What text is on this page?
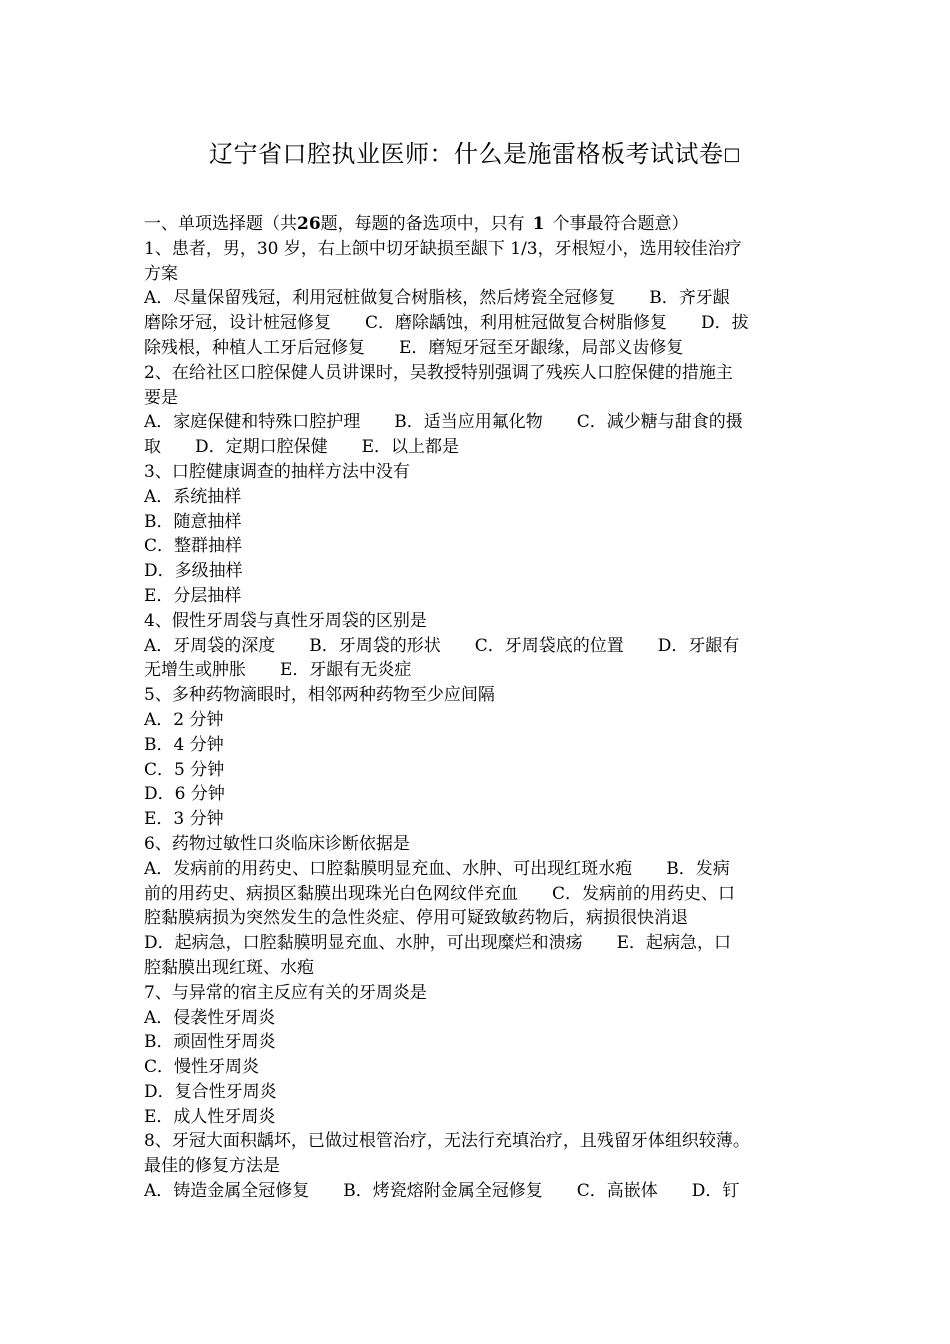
辽宁省口腔执业医师：什么是施雷格板考试试卷□
一、单项选择题（共26题，每题的备选项中，只有 1 个事最符合题意）
1、患者，男，30 岁，右上颌中切牙缺损至龈下 1/3，牙根短小，选用较佳治疗
方案
A．尽量保留残冠，利用冠桩做复合树脂核，然后烤瓷全冠修复　　B．齐牙龈
磨除牙冠，设计桩冠修复　　C．磨除龋蚀，利用桩冠做复合树脂修复　　D．拔
除残根，种植人工牙后冠修复　　E．磨短牙冠至牙龈缘，局部义齿修复
2、在给社区口腔保健人员讲课时，吴教授特别强调了残疾人口腔保健的措施主
要是
A．家庭保健和特殊口腔护理　　B．适当应用氟化物　　C．减少糖与甜食的摄
取　　D．定期口腔保健　　E．以上都是
3、口腔健康调查的抽样方法中没有
A．系统抽样
B．随意抽样
C．整群抽样
D．多级抽样
E．分层抽样
4、假性牙周袋与真性牙周袋的区别是
A．牙周袋的深度　　B．牙周袋的形状　　C．牙周袋底的位置　　D．牙龈有
无增生或肿胀　　E．牙龈有无炎症
5、多种药物滴眼时，相邻两种药物至少应间隔
A．2 分钟
B．4 分钟
C．5 分钟
D．6 分钟
E．3 分钟
6、药物过敏性口炎临床诊断依据是
A．发病前的用药史、口腔黏膜明显充血、水肿、可出现红斑水疱　　B．发病
前的用药史、病损区黏膜出现珠光白色网纹伴充血　　C．发病前的用药史、口
腔黏膜病损为突然发生的急性炎症、停用可疑致敏药物后，病损很快消退
D．起病急，口腔黏膜明显充血、水肿，可出现糜烂和溃疡　　E．起病急，口
腔黏膜出现红斑、水疱
7、与异常的宿主反应有关的牙周炎是
A．侵袭性牙周炎
B．顽固性牙周炎
C．慢性牙周炎
D．复合性牙周炎
E．成人性牙周炎
8、牙冠大面积龋坏，已做过根管治疗，无法行充填治疗，且残留牙体组织较薄。
最佳的修复方法是
A．铸造金属全冠修复　　B．烤瓷熔附金属全冠修复　　C．高嵌体　　D．钉
